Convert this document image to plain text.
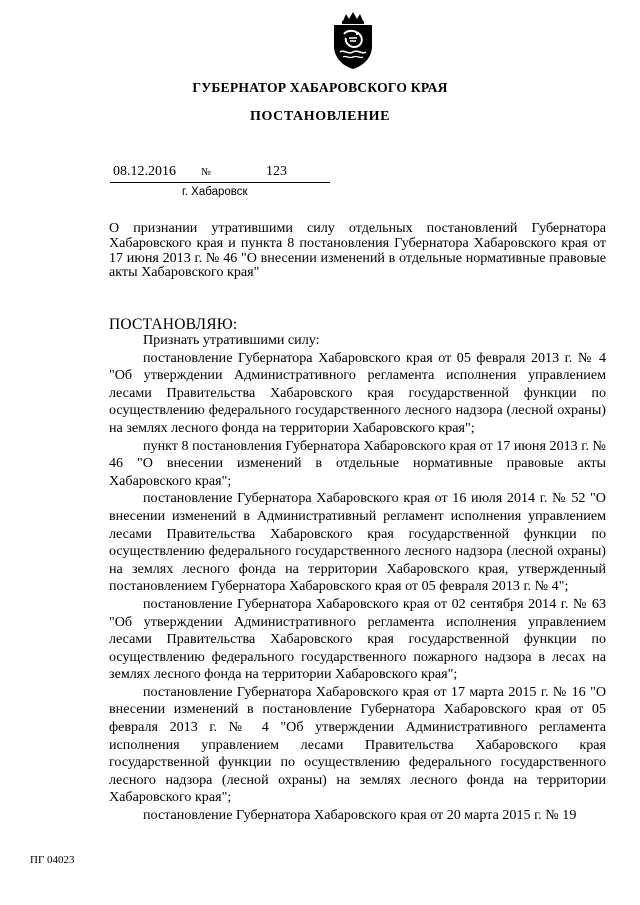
ГУБЕРНАТОР ХАБАРОВСКОГО КРАЯ
ПОСТАНОВЛЕНИЕ
08.12.2016 №	123
г. Хабаровск
О признании утратившими силу отдельных постановлений Губернатора Хабаровского края и пункта 8 постановления Губернатора Хабаровского края от 17 июня 2013 г. № 46 "О внесении изменений в отдельные нормативные правовые акты Хабаровского края"
ПОСТАНОВЛЯЮ:

Признать утратившими силу:

постановление Губернатора Хабаровского края от 05 февраля 2013 г. № 4 "Об утверждении Административного регламента исполнения управлением лесами Правительства Хабаровского края государственной функции по осуществлению федерального государственного лесного надзора (лесной охраны) на землях лесного фонда на территории Хабаровского края";

пункт 8 постановления Губернатора Хабаровского края от 17 июня 2013 г. № 46 "О внесении изменений в отдельные нормативные правовые акты Хабаровского края";

постановление Губернатора Хабаровского края от 16 июля 2014 г. № 52 "О внесении изменений в Административный регламент исполнения управлением лесами Правительства Хабаровского края государственной функции по осуществлению федерального государственного лесного надзора (лесной охраны) на землях лесного фонда на территории Хабаровского края, утвержденный постановлением Губернатора Хабаровского края от 05 февраля 2013 г. № 4";

постановление Губернатора Хабаровского края от 02 сентября 2014 г. № 63 "Об утверждении Административного регламента исполнения управлением лесами Правительства Хабаровского края государственной функции по осуществлению федерального государственного пожарного надзора в лесах на землях лесного фонда на территории Хабаровского края";

постановление Губернатора Хабаровского края от 17 марта 2015 г. № 16 "О внесении изменений в постановление Губернатора Хабаровского края от 05 февраля 2013 г. № 4 "Об утверждении Административного регламента исполнения управлением лесами Правительства Хабаровского края государственной функции по осуществлению федерального государственного лесного надзора (лесной охраны) на землях лесного фонда на территории Хабаровского края";

постановление Губернатора Хабаровского края от 20 марта 2015 г. № 19

ПГ 04023
